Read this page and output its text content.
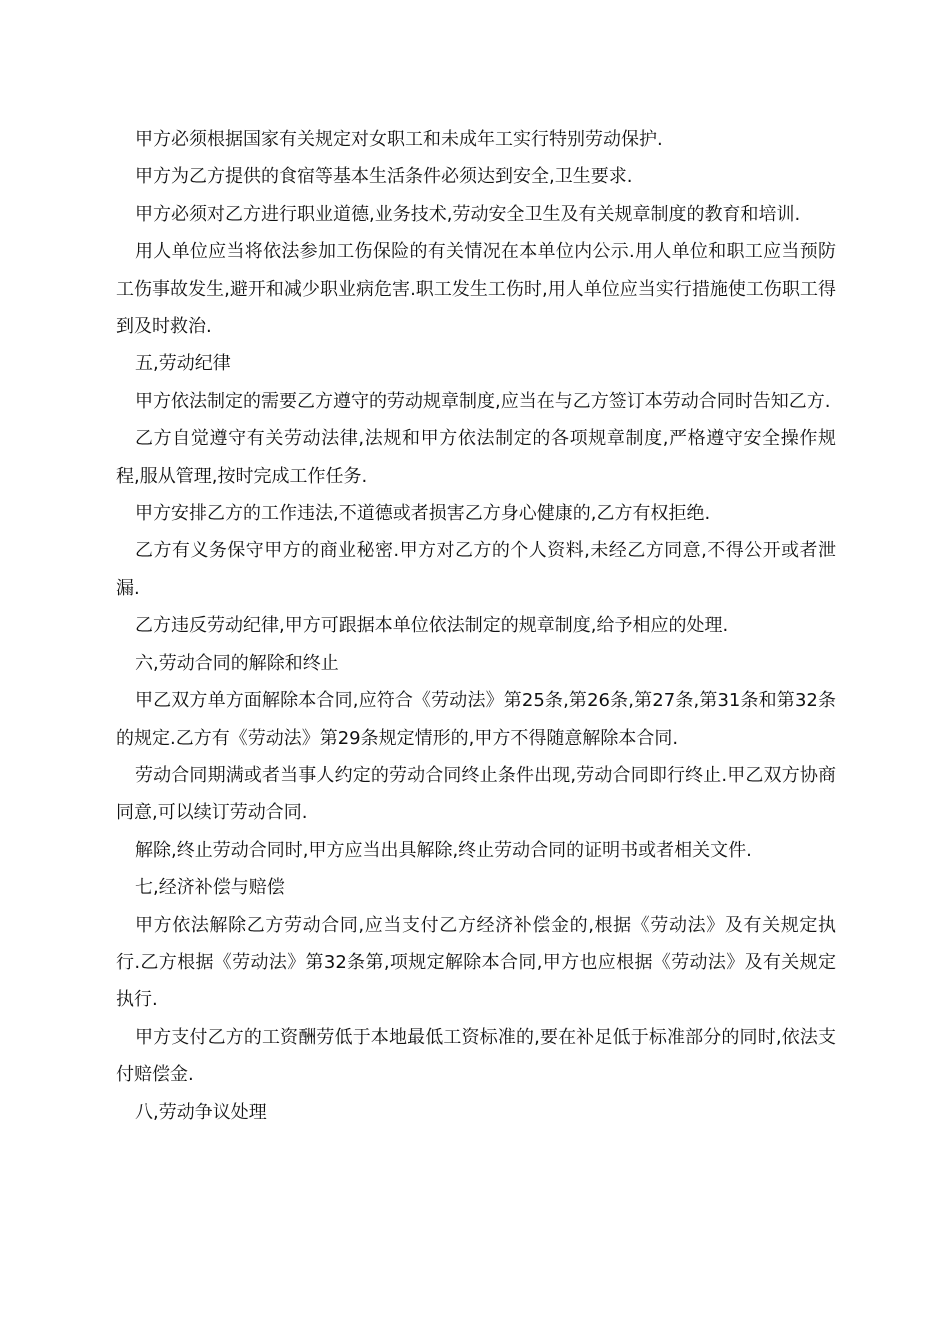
甲方必须根据国家有关规定对女职工和未成年工实行特别劳动保护.

甲方为乙方提供的食宿等基本生活条件必须达到安全,卫生要求.

甲方必须对乙方进行职业道德,业务技术,劳动安全卫生及有关规章制度的教育和培训.

用人单位应当将依法参加工伤保险的有关情况在本单位内公示.用人单位和职工应当预防工伤事故发生,避开和减少职业病危害.职工发生工伤时,用人单位应当实行措施使工伤职工得到及时救治.

五,劳动纪律

甲方依法制定的需要乙方遵守的劳动规章制度,应当在与乙方签订本劳动合同时告知乙方.

乙方自觉遵守有关劳动法律,法规和甲方依法制定的各项规章制度,严格遵守安全操作规程,服从管理,按时完成工作任务.

甲方安排乙方的工作违法,不道德或者损害乙方身心健康的,乙方有权拒绝.

乙方有义务保守甲方的商业秘密.甲方对乙方的个人资料,未经乙方同意,不得公开或者泄漏.

乙方违反劳动纪律,甲方可跟据本单位依法制定的规章制度,给予相应的处理.

六,劳动合同的解除和终止

甲乙双方单方面解除本合同,应符合《劳动法》第25条,第26条,第27条,第31条和第32条的规定.乙方有《劳动法》第29条规定情形的,甲方不得随意解除本合同.

劳动合同期满或者当事人约定的劳动合同终止条件出现,劳动合同即行终止.甲乙双方协商同意,可以续订劳动合同.

解除,终止劳动合同时,甲方应当出具解除,终止劳动合同的证明书或者相关文件.

七,经济补偿与赔偿

甲方依法解除乙方劳动合同,应当支付乙方经济补偿金的,根据《劳动法》及有关规定执行.乙方根据《劳动法》第32条第,项规定解除本合同,甲方也应根据《劳动法》及有关规定执行.

甲方支付乙方的工资酬劳低于本地最低工资标准的,要在补足低于标准部分的同时,依法支付赔偿金.

八,劳动争议处理
